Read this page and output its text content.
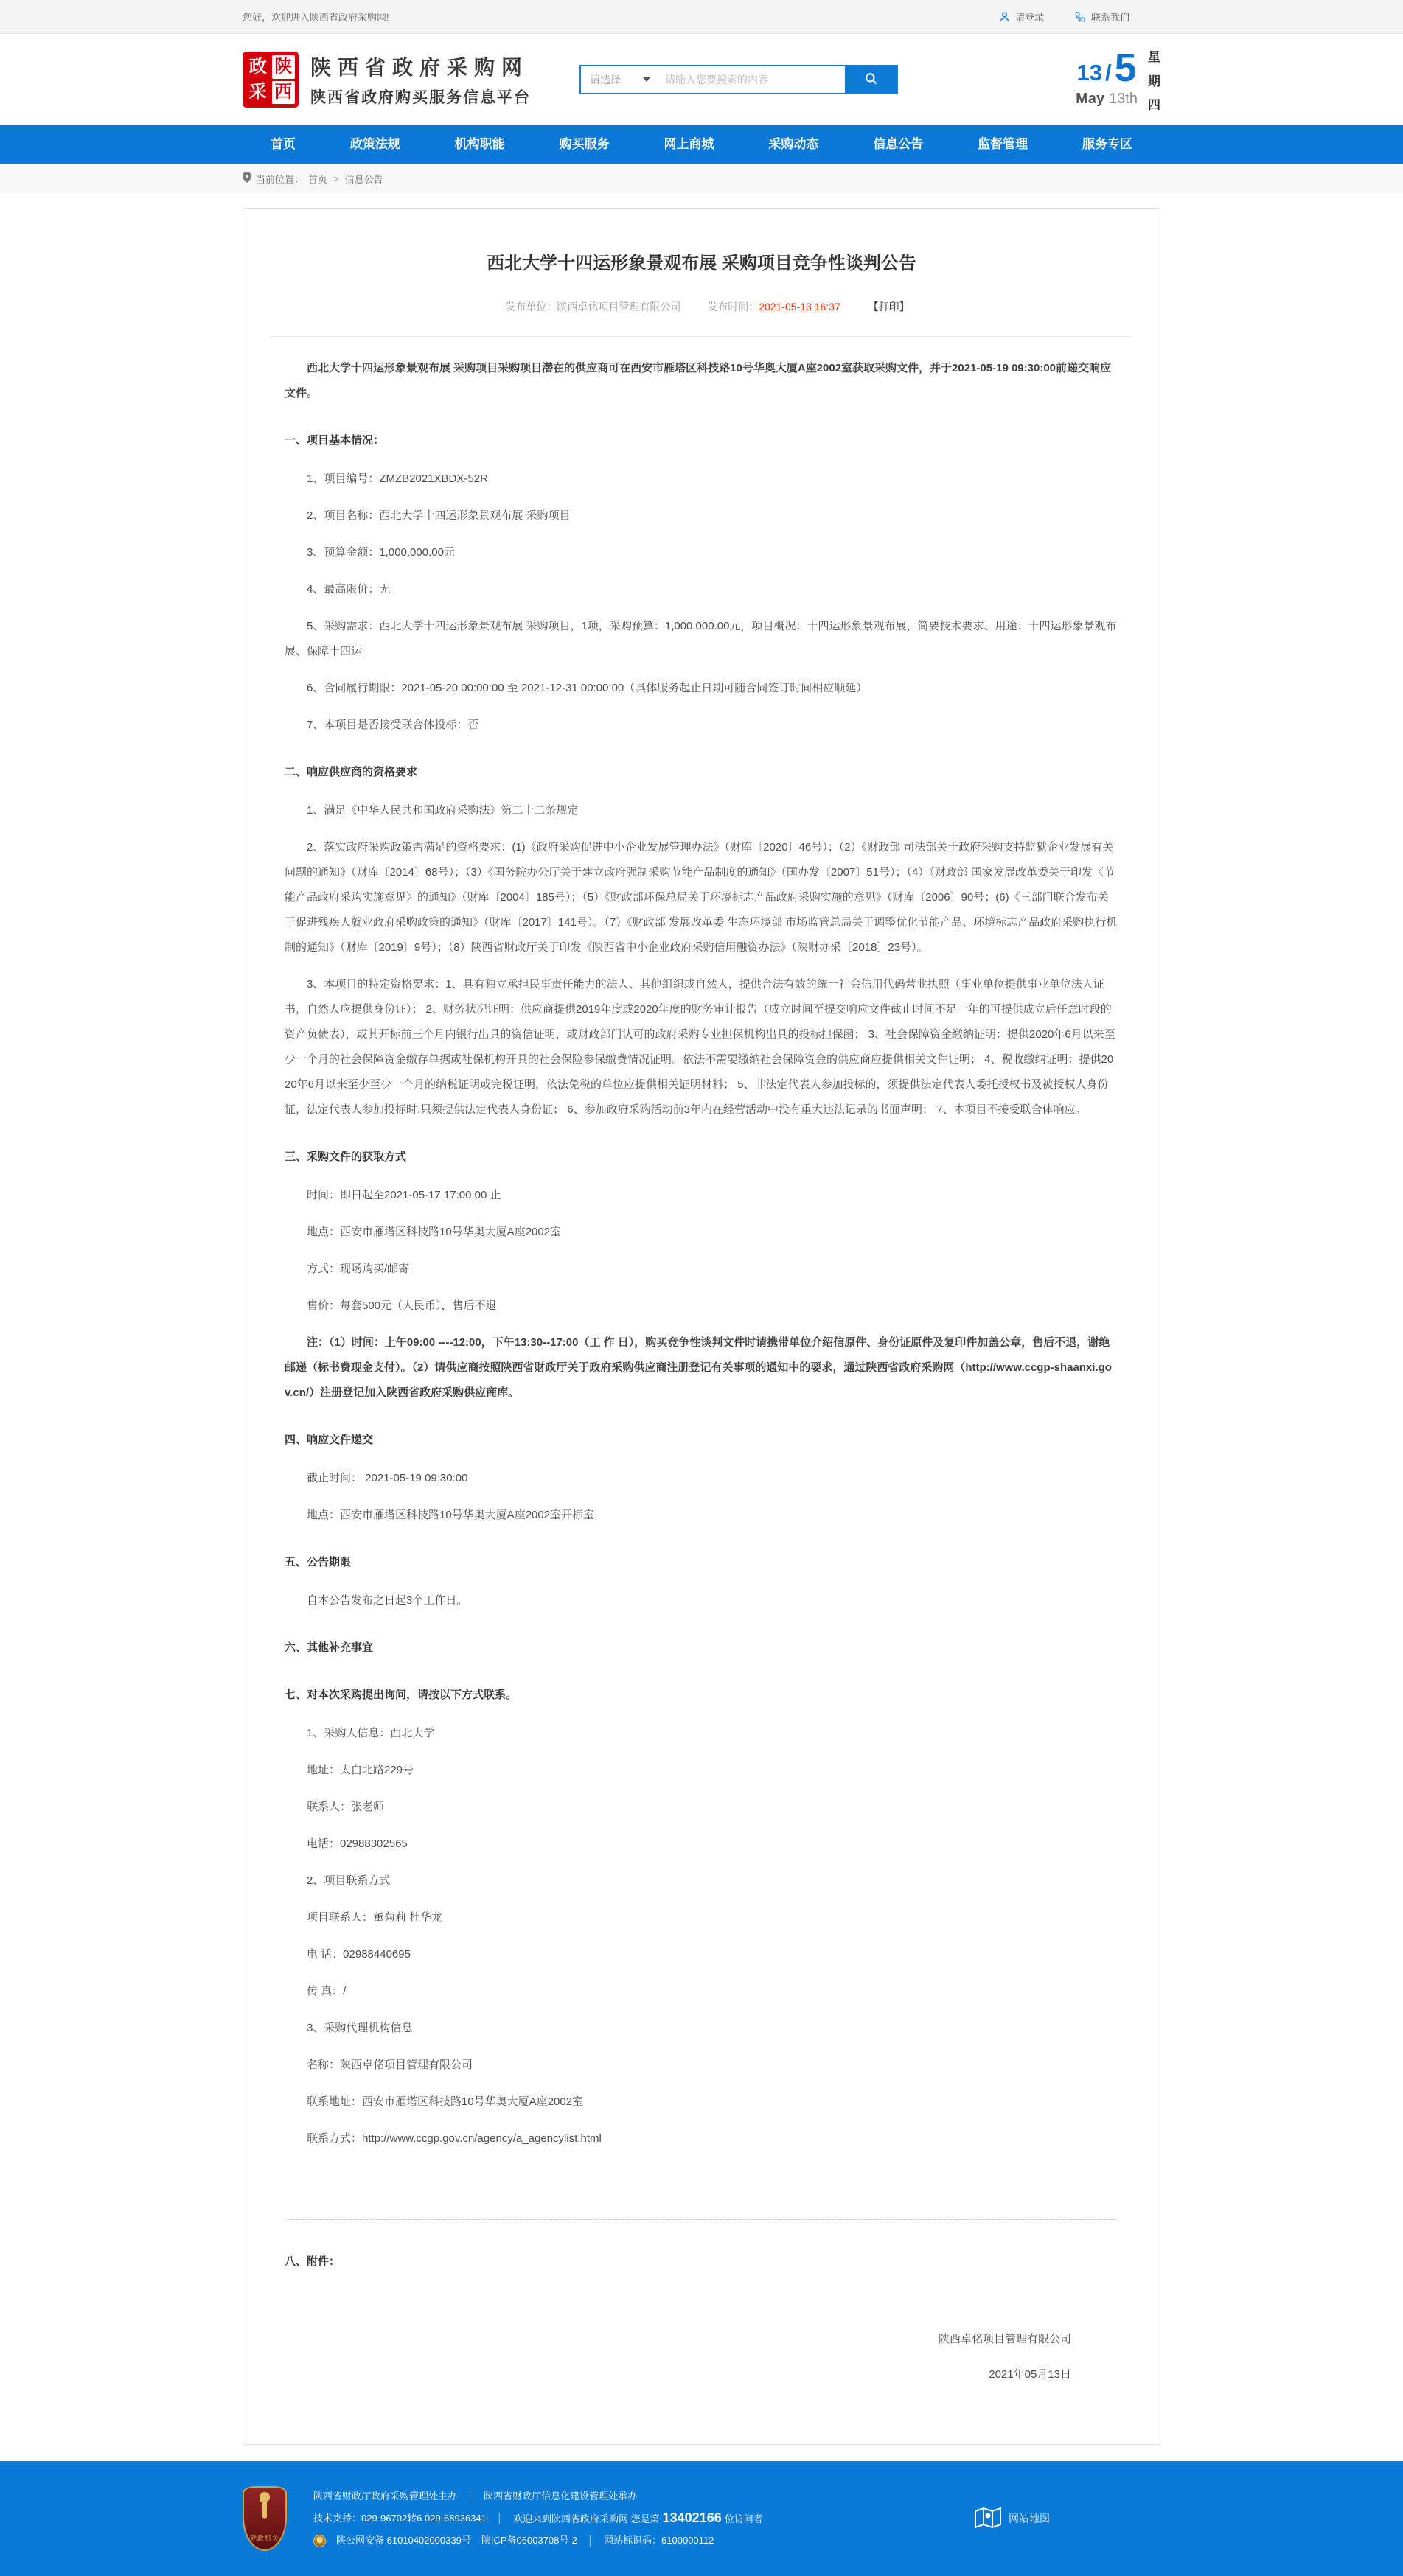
您好，欢迎进入陕西省政府采购网!	请登录	联系我们
政 陕
采 西
陕西省政府采购网
陕西省政府购买服务信息平台
请选择
请输入您要搜索的内容	13 / 5
May 13th
星
期
四
首页	政策法规	机构职能	购买服务	网上商城	采购动态	信息公告	监督管理	服务专区
当前位置： 首页 > 信息公告
西北大学十四运形象景观布展 采购项目竞争性谈判公告
发布单位：陕西卓佲项目管理有限公司	发布时间：2021-05-13 16:37	【打印】

西北大学十四运形象景观布展 采购项目采购项目潜在的供应商可在西安市雁塔区科技路10号华奥大厦A座2002室获取采购文件，并于2021-05-19 09:30:00前递交响应文件。

一、项目基本情况：

1、项目编号：ZMZB2021XBDX-52R

2、项目名称：西北大学十四运形象景观布展 采购项目

3、预算金额：1,000,000.00元

4、最高限价：无

5、采购需求：西北大学十四运形象景观布展 采购项目，1项，采购预算：1,000,000.00元，项目概况：十四运形象景观布展，简要技术要求、用途：十四运形象景观布展、保障十四运

6、合同履行期限：2021-05-20 00:00:00 至 2021-12-31 00:00:00（具体服务起止日期可随合同签订时间相应顺延）

7、本项目是否接受联合体投标：否

二、响应供应商的资格要求

1、满足《中华人民共和国政府采购法》第二十二条规定

2、落实政府采购政策需满足的资格要求：(1)《政府采购促进中小企业发展管理办法》（财库〔2020〕46号）；（2）《财政部 司法部关于政府采购支持监狱企业发展有关问题的通知》（财库〔2014〕68号）；（3）《国务院办公厅关于建立政府强制采购节能产品制度的通知》（国办发〔2007〕51号）；（4）《财政部 国家发展改革委关于印发〈节能产品政府采购实施意见〉的通知》（财库〔2004〕185号）；（5）《财政部环保总局关于环境标志产品政府采购实施的意见》（财库〔2006〕90号；(6)《三部门联合发布关于促进残疾人就业政府采购政策的通知》（财库〔2017〕141号）。（7）《财政部 发展改革委 生态环境部 市场监管总局关于调整优化节能产品、环境标志产品政府采购执行机制的通知》（财库〔2019〕9号）；（8）陕西省财政厅关于印发《陕西省中小企业政府采购信用融资办法》（陕财办采〔2018〕23号）。

3、本项目的特定资格要求：1、具有独立承担民事责任能力的法人、其他组织或自然人，提供合法有效的统一社会信用代码营业执照（事业单位提供事业单位法人证书，自然人应提供身份证）； 2、财务状况证明：供应商提供2019年度或2020年度的财务审计报告（成立时间至提交响应文件截止时间不足一年的可提供成立后任意时段的资产负债表），或其开标前三个月内银行出具的资信证明，或财政部门认可的政府采购专业担保机构出具的投标担保函； 3、社会保障资金缴纳证明：提供2020年6月以来至少一个月的社会保障资金缴存单据或社保机构开具的社会保险参保缴费情况证明。依法不需要缴纳社会保障资金的供应商应提供相关文件证明； 4、税收缴纳证明：提供2020年6月以来至少至少一个月的纳税证明或完税证明，依法免税的单位应提供相关证明材料； 5、非法定代表人参加投标的，须提供法定代表人委托授权书及被授权人身份证，法定代表人参加投标时,只须提供法定代表人身份证； 6、参加政府采购活动前3年内在经营活动中没有重大违法记录的书面声明； 7、本项目不接受联合体响应。

三、采购文件的获取方式

时间：即日起至2021-05-17 17:00:00 止

地点：西安市雁塔区科技路10号华奥大厦A座2002室

方式：现场购买/邮寄

售价：每套500元（人民币），售后不退

注：（1）时间：上午09:00 ----12:00，下午13:30--17:00（工 作 日），购买竞争性谈判文件时请携带单位介绍信原件、身份证原件及复印件加盖公章，售后不退，谢绝邮递（标书费现金支付）。（2）请供应商按照陕西省财政厅关于政府采购供应商注册登记有关事项的通知中的要求，通过陕西省政府采购网（http://www.ccgp-shaanxi.gov.cn/）注册登记加入陕西省政府采购供应商库。

四、响应文件递交

截止时间： 2021-05-19 09:30:00

地点：西安市雁塔区科技路10号华奥大厦A座2002室开标室

五、公告期限

自本公告发布之日起3个工作日。

六、其他补充事宜

七、对本次采购提出询问，请按以下方式联系。

1、采购人信息：西北大学

地址：太白北路229号

联系人：张老师

电话：02988302565

2、项目联系方式

项目联系人：董菊莉 杜华龙

电 话：02988440695

传 真：/

3、采购代理机构信息

名称：陕西卓佲项目管理有限公司

联系地址：西安市雁塔区科技路10号华奥大厦A座2002室

联系方式：http://www.ccgp.gov.cn/agency/a_agencylist.html

八、附件：

陕西卓佲项目管理有限公司
2021年05月13日
党政机关
陕西省财政厅政府采购管理处主办 │ 陕西省财政厅信息化建设管理处承办
技术支持：029-96702转6 029-68936341 │ 欢迎来到陕西省政府采购网 您是第 13402166 位访问者
陕公网安备 61010402000339号 陕ICP备06003708号-2 │ 网站标识码：6100000112
网站地图
